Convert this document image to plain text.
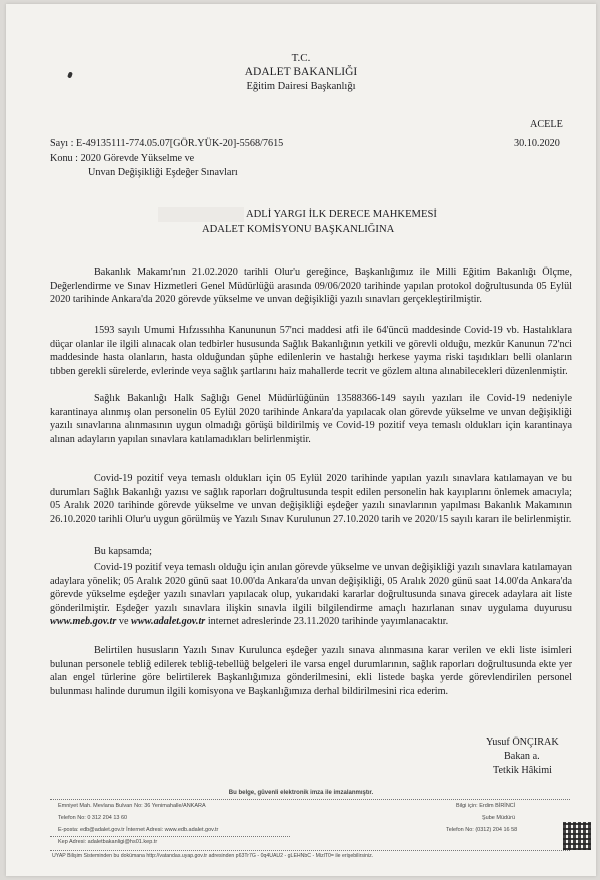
T.C.
ADALET BAKANLIĞI
Eğitim Dairesi Başkanlığı
ACELE
Sayı : E-49135111-774.05.07[GÖR.YÜK-20]-5568/7615	30.10.2020
Konu : 2020 Görevde Yükselme ve
Unvan Değişikliği Eşdeğer Sınavları
ADLİ YARGI İLK DERECE MAHKEMESİ
ADALET KOMİSYONU BAŞKANLIĞINA

Bakanlık Makamı'nın 21.02.2020 tarihli Olur'u gereğince, Başkanlığımız ile Milli Eğitim Bakanlığı Ölçme, Değerlendirme ve Sınav Hizmetleri Genel Müdürlüğü arasında 09/06/2020 tarihinde yapılan protokol doğrultusunda 05 Eylül 2020 tarihinde Ankara'da 2020 görevde yükselme ve unvan değişikliği yazılı sınavları gerçekleştirilmiştir.

1593 sayılı Umumi Hıfzıssıhha Kanununun 57'nci maddesi atfi ile 64'üncü maddesinde Covid-19 vb. Hastalıklara düçar olanlar ile ilgili alınacak olan tedbirler hususunda Sağlık Bakanlığının yetkili ve görevli olduğu, mezkûr Kanunun 72'nci maddesinde hasta olanların, hasta olduğundan şüphe edilenlerin ve hastalığı herkese yayma riski taşıdıkları belli olanların tıbben gerekli sürelerde, evlerinde veya sağlık şartlarını haiz mahallerde tecrit ve gözlem altına alınabilecekleri düzenlenmiştir.

Sağlık Bakanlığı Halk Sağlığı Genel Müdürlüğünün 13588366-149 sayılı yazıları ile Covid-19 nedeniyle karantinaya alınmış olan personelin 05 Eylül 2020 tarihinde Ankara'da yapılacak olan görevde yükselme ve unvan değişikliği yazılı sınavlarına alınmasının uygun olmadığı görüşü bildirilmiş ve Covid-19 pozitif veya temaslı oldukları için karantinaya alınan adayların yapılan sınavlara katılamadıkları belirlenmiştir.

Covid-19 pozitif veya temaslı oldukları için 05 Eylül 2020 tarihinde yapılan yazılı sınavlara katılamayan ve bu durumları Sağlık Bakanlığı yazısı ve sağlık raporları doğrultusunda tespit edilen personelin hak kayıplarını önlemek amacıyla; 05 Aralık 2020 tarihinde görevde yükselme ve unvan değişikliği eşdeğer yazılı sınavlarının yapılması Bakanlık Makamının 26.10.2020 tarihli Olur'u uygun görülmüş ve Yazılı Sınav Kurulunun 27.10.2020 tarih ve 2020/15 sayılı kararı ile belirlenmiştir.

Bu kapsamda;

Covid-19 pozitif veya temaslı olduğu için anılan görevde yükselme ve unvan değişikliği yazılı sınavlara katılamayan adaylara yönelik; 05 Aralık 2020 günü saat 10.00'da Ankara'da unvan değişikliği, 05 Aralık 2020 günü saat 14.00'da Ankara'da görevde yükselme eşdeğer yazılı sınavları yapılacak olup, yukarıdaki kararlar doğrultusunda sınava girecek adaylara ait liste gönderilmiştir. Eşdeğer yazılı sınavlara ilişkin sınavla ilgili bilgilendirme amaçlı hazırlanan sınav uygulama duyurusu www.meb.gov.tr ve www.adalet.gov.tr internet adreslerinde 23.11.2020 tarihinde yayımlanacaktır.

Belirtilen hususların Yazılı Sınav Kurulunca eşdeğer yazılı sınava alınmasına karar verilen ve ekli liste isimleri bulunan personele tebliğ edilerek tebliğ-tebellüğ belgeleri ile varsa engel durumlarının, sağlık raporları doğrultusunda ekte yer alan engel türlerine göre belirtilerek Başkanlığımıza gönderilmesini, ekli listede başka yerde görevlendirilen personel bulunması halinde durumun ilgili komisyona ve Başkanlığımıza derhal bildirilmesini rica ederim.

Yusuf ÖNÇIRAK
Bakan a.
Tetkik Hâkimi
Bu belge, güvenli elektronik imza ile imzalanmıştır.
Emniyet Mah. Mevlana Bulvarı No: 36 Yenimahalle/ANKARA
Telefon No: 0 312 204 13 60
E-posta: edb@adalet.gov.tr İnternet Adresi: www.edb.adalet.gov.tr
Kep Adresi: adaletbakanligi@hs01.kep.tr
Bilgi için: Erdim BİRİNCİ
Şube Müdürü
Telefon No: (0312) 204 16 58
UYAP Bilişim Sisteminden bu dokümana http://vatandas.uyap.gov.tr adresinden p63Tr7G - 0q4UAU2 - gLEHNbC - MizlT0= ile erişebilirsiniz.
